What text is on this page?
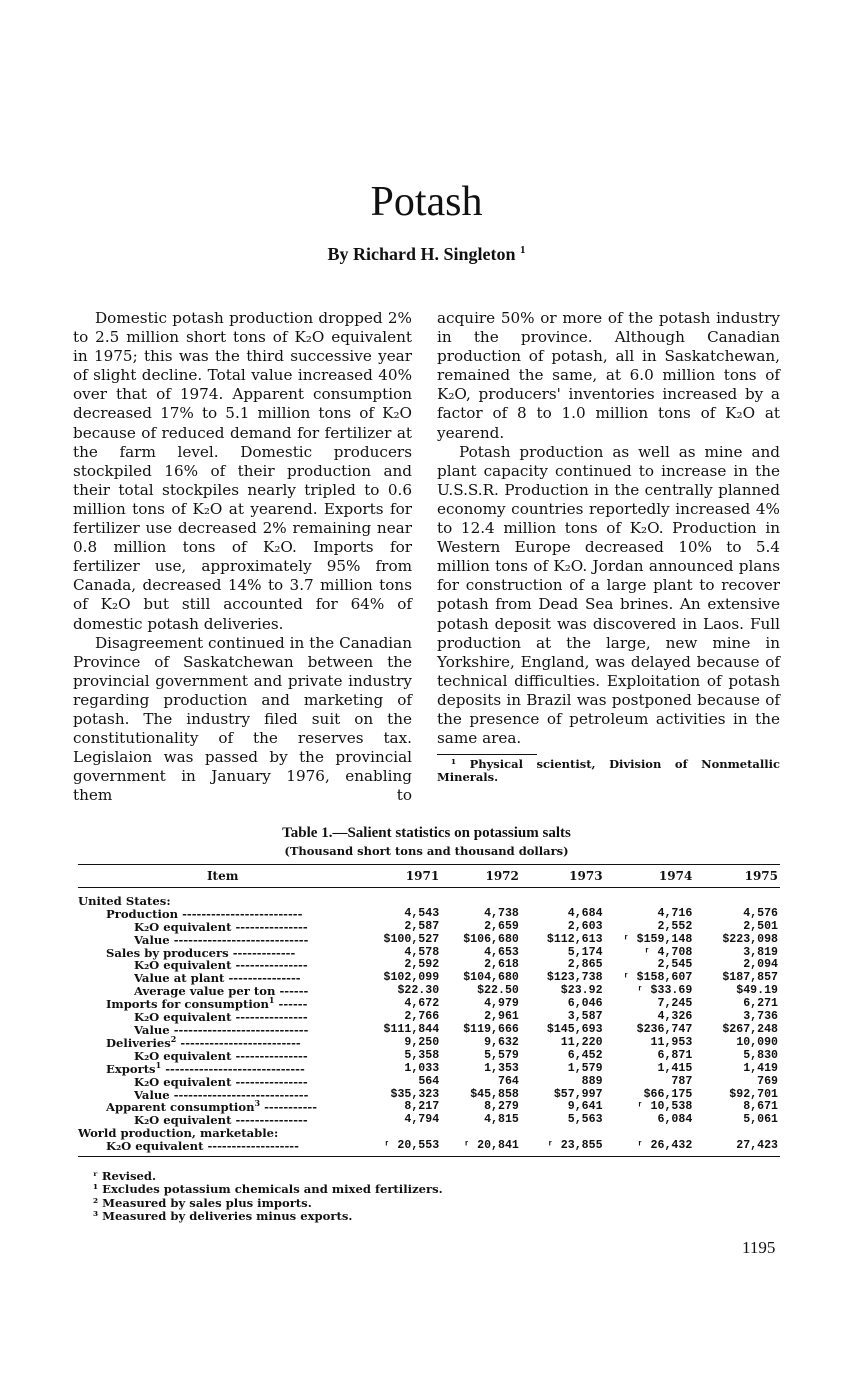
Potash
By Richard H. Singleton $^1$

Domestic potash production dropped 2% to 2.5 million short tons of K₂O equivalent in 1975; this was the third successive year of slight decline. Total value increased 40% over that of 1974. Apparent consumption decreased 17% to 5.1 million tons of K₂O because of reduced demand for fertilizer at the farm level. Domestic producers stockpiled 16% of their production and their total stockpiles nearly tripled to 0.6 million tons of K₂O at yearend. Exports for fertilizer use decreased 2% remaining near 0.8 million tons of K₂O. Imports for fertilizer use, approximately 95% from Canada, decreased 14% to 3.7 million tons of K₂O but still accounted for 64% of domestic potash deliveries.

Disagreement continued in the Canadian Province of Saskatchewan between the provincial government and private industry regarding production and marketing of potash. The industry filed suit on the constitutionality of the reserves tax. Legislaion was passed by the provincial government in January 1976, enabling them to

acquire 50% or more of the potash industry in the province. Although Canadian production of potash, all in Saskatchewan, remained the same, at 6.0 million tons of K₂O, producers' inventories increased by a factor of 8 to 1.0 million tons of K₂O at yearend.

Potash production as well as mine and plant capacity continued to increase in the U.S.S.R. Production in the centrally planned economy countries reportedly increased 4% to 12.4 million tons of K₂O. Production in Western Europe decreased 10% to 5.4 million tons of K₂O. Jordan announced plans for construction of a large plant to recover potash from Dead Sea brines. An extensive potash deposit was discovered in Laos. Full production at the large, new mine in Yorkshire, England, was delayed because of technical difficulties. Exploitation of potash deposits in Brazil was postponed because of the presence of petroleum activities in the same area.

¹ Physical scientist, Division of Nonmetallic Minerals.
Table 1.—Salient statistics on potassium salts
(Thousand short tons and thousand dollars)
Item	1971	1972	1973	1974	1975
United States:					
Production -------------------------	4,543	4,738	4,684	4,716	4,576
K₂O equivalent ---------------	2,587	2,659	2,603	2,552	2,501
Value ----------------------------	$100,527	$106,680	$112,613	ʳ $159,148	$223,098
Sales by producers -------------	4,578	4,653	5,174	ʳ 4,708	3,819
K₂O equivalent ---------------	2,592	2,618	2,865	2,545	2,094
Value at plant ---------------	$102,099	$104,680	$123,738	ʳ $158,607	$187,857
Average value per ton ------	$22.30	$22.50	$23.92	ʳ $33.69	$49.19
Imports for consumption$^1$ ------	4,672	4,979	6,046	7,245	6,271
K₂O equivalent ---------------	2,766	2,961	3,587	4,326	3,736
Value ----------------------------	$111,844	$119,666	$145,693	$236,747	$267,248
Deliveries$^2$ -------------------------	9,250	9,632	11,220	11,953	10,090
K₂O equivalent ---------------	5,358	5,579	6,452	6,871	5,830
Exports$^1$ -----------------------------	1,033	1,353	1,579	1,415	1,419
K₂O equivalent ---------------	564	764	889	787	769
Value ----------------------------	$35,323	$45,858	$57,997	$66,175	$92,701
Apparent consumption$^3$ -----------	8,217	8,279	9,641	ʳ 10,538	8,671
K₂O equivalent ---------------	4,794	4,815	5,563	6,084	5,061
World production, marketable:					
K₂O equivalent -------------------	ʳ 20,553	ʳ 20,841	ʳ 23,855	ʳ 26,432	27,423
ʳ Revised.
¹ Excludes potassium chemicals and mixed fertilizers.
² Measured by sales plus imports.
³ Measured by deliveries minus exports.
1195
